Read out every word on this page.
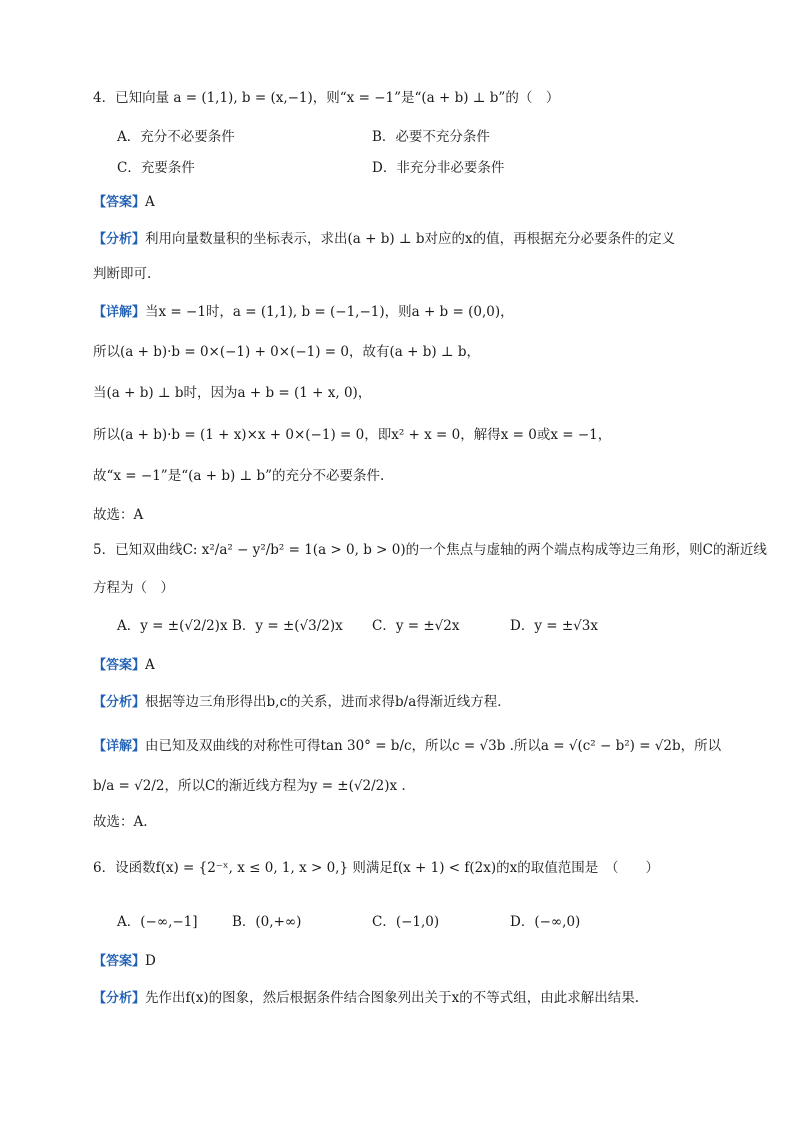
4．已知向量 a = (1,1), b = (x,−1)，则“x = −1”是“(a + b) ⊥ b”的（　）
A．充分不必要条件	B．必要不充分条件
C．充要条件	D．非充分非必要条件
【答案】A
【分析】利用向量数量积的坐标表示，求出(a + b) ⊥ b对应的x的值，再根据充分必要条件的定义
判断即可.
【详解】当x = −1时，a = (1,1), b = (−1,−1)，则a + b = (0,0)，
所以(a + b)·b = 0×(−1) + 0×(−1) = 0，故有(a + b) ⊥ b，
当(a + b) ⊥ b时，因为a + b = (1 + x, 0)，
所以(a + b)·b = (1 + x)×x + 0×(−1) = 0，即x² + x = 0，解得x = 0或x = −1，
故“x = −1”是“(a + b) ⊥ b”的充分不必要条件.
故选：A
5．已知双曲线C: x²/a² − y²/b² = 1(a > 0, b > 0)的一个焦点与虚轴的两个端点构成等边三角形，则C的渐近线
方程为（　）
A．y = ±(√2/2)x B．y = ±(√3/2)x C．y = ±√2x	D．y = ±√3x
【答案】A
【分析】根据等边三角形得出b,c的关系，进而求得b/a得渐近线方程．
【详解】由已知及双曲线的对称性可得tan 30° = b/c，所以c = √3b .所以a = √(c² − b²) = √2b，所以
b/a = √2/2，所以C的渐近线方程为y = ±(√2/2)x .
故选：A.
6．设函数f(x) = {2⁻ˣ, x ≤ 0, 1, x > 0,} 则满足f(x + 1) < f(2x)的x的取值范围是　（　　）
A．(−∞,−1]	B．(0,+∞)	C．(−1,0)	D．(−∞,0)
【答案】D
【分析】先作出f(x)的图象，然后根据条件结合图象列出关于x的不等式组，由此求解出结果.
